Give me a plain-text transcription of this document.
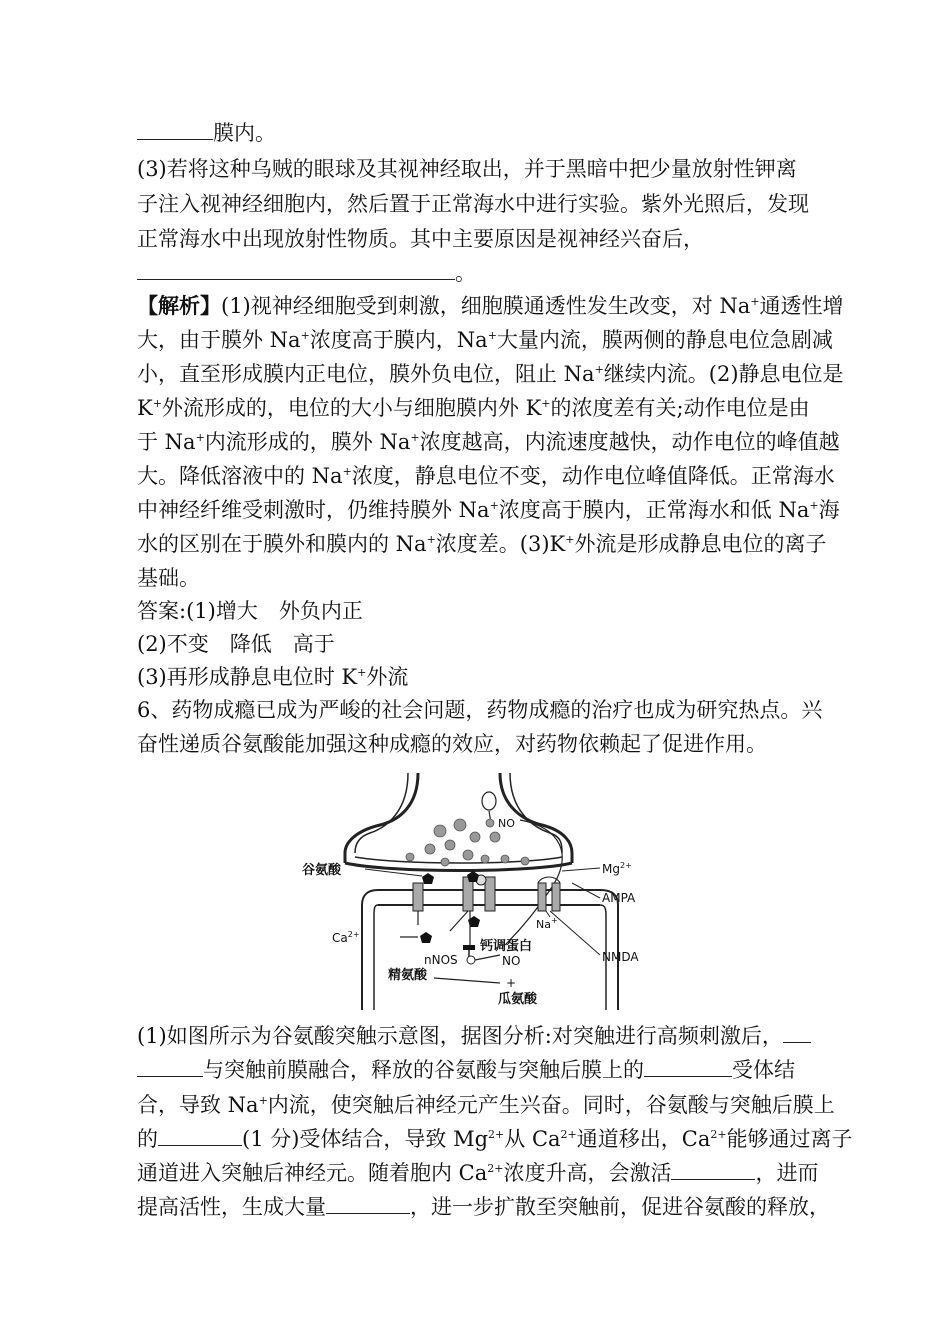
膜内。
(3)若将这种乌贼的眼球及其视神经取出，并于黑暗中把少量放射性钾离
子注入视神经细胞内，然后置于正常海水中进行实验。紫外光照后，发现
正常海水中出现放射性物质。其中主要原因是视神经兴奋后，
。
【解析】(1)视神经细胞受到刺激，细胞膜通透性发生改变，对 Na+通透性增
大，由于膜外 Na+浓度高于膜内，Na+大量内流，膜两侧的静息电位急剧减
小，直至形成膜内正电位，膜外负电位，阻止 Na+继续内流。(2)静息电位是
K+外流形成的，电位的大小与细胞膜内外 K+的浓度差有关;动作电位是由
于 Na+内流形成的，膜外 Na+浓度越高，内流速度越快，动作电位的峰值越
大。降低溶液中的 Na+浓度，静息电位不变，动作电位峰值降低。正常海水
中神经纤维受刺激时，仍维持膜外 Na+浓度高于膜内，正常海水和低 Na+海
水的区别在于膜外和膜内的 Na+浓度差。(3)K+外流是形成静息电位的离子
基础。
答案:(1)增大　外负内正
(2)不变　降低　高于
(3)再形成静息电位时 K+外流
6、药物成瘾已成为严峻的社会问题，药物成瘾的治疗也成为研究热点。兴
奋性递质谷氨酸能加强这种成瘾的效应，对药物依赖起了促进作用。
NO
谷氨酸	$Mg^{2+}$
AMPA
Na+
$Ca^{2+}$
钙调蛋白
nNOS	NO	NMDA
精氨酸	+
瓜氨酸
(1)如图所示为谷氨酸突触示意图，据图分析:对突触进行高频刺激后，
与突触前膜融合，释放的谷氨酸与突触后膜上的	受体结
合，导致 Na+内流，使突触后神经元产生兴奋。同时，谷氨酸与突触后膜上
的	(1 分)受体结合，导致 $Mg^{2+}$从 $Ca^{2+}$通道移出，$Ca^{2+}$能够通过离子
通道进入突触后神经元。随着胞内 $Ca^{2+}$浓度升高，会激活	，进而
提高活性，生成大量	，进一步扩散至突触前，促进谷氨酸的释放，
